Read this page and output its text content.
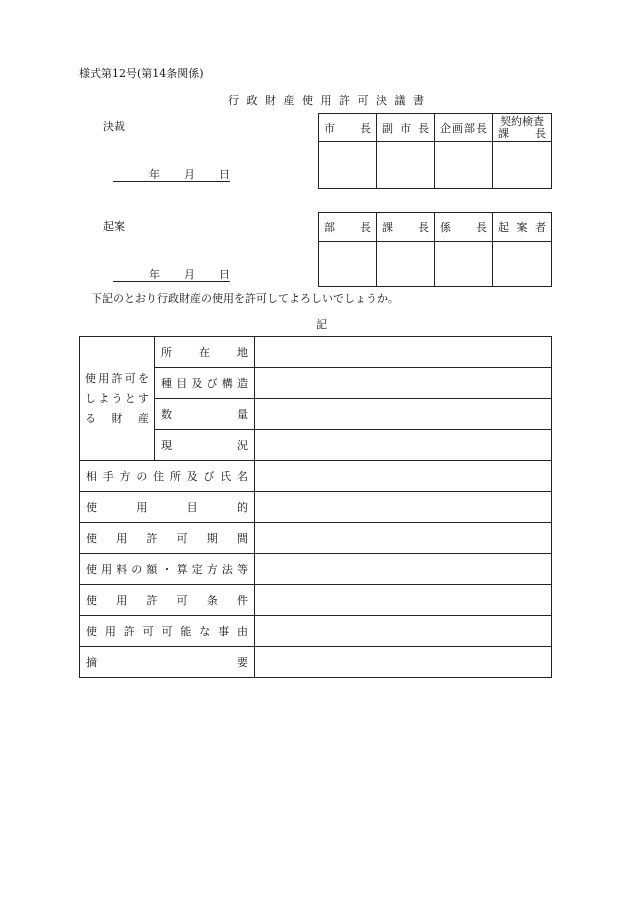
様式第12号(第14条関係)
行 政 財 産 使 用 許 可 決 議 書
決裁
年 月 日
市 長	副 市 長	企画部長	契約検査
課 長

起案
年 月 日
部 長	課 長	係 長	起 案 者

下記のとおり行政財産の使用を許可してよろしいでしょうか。
記
使用許可を
しようとす
る 財 産	所 在 地	
	種目及び構造	
	数 量	
	現 況	
相手方の住所及び氏名		
使 用 目 的		
使 用 許 可 期 間		
使用料の額・算定方法等		
使 用 許 可 条 件		
使 用 許 可 可 能 な 事 由		
摘 要		
